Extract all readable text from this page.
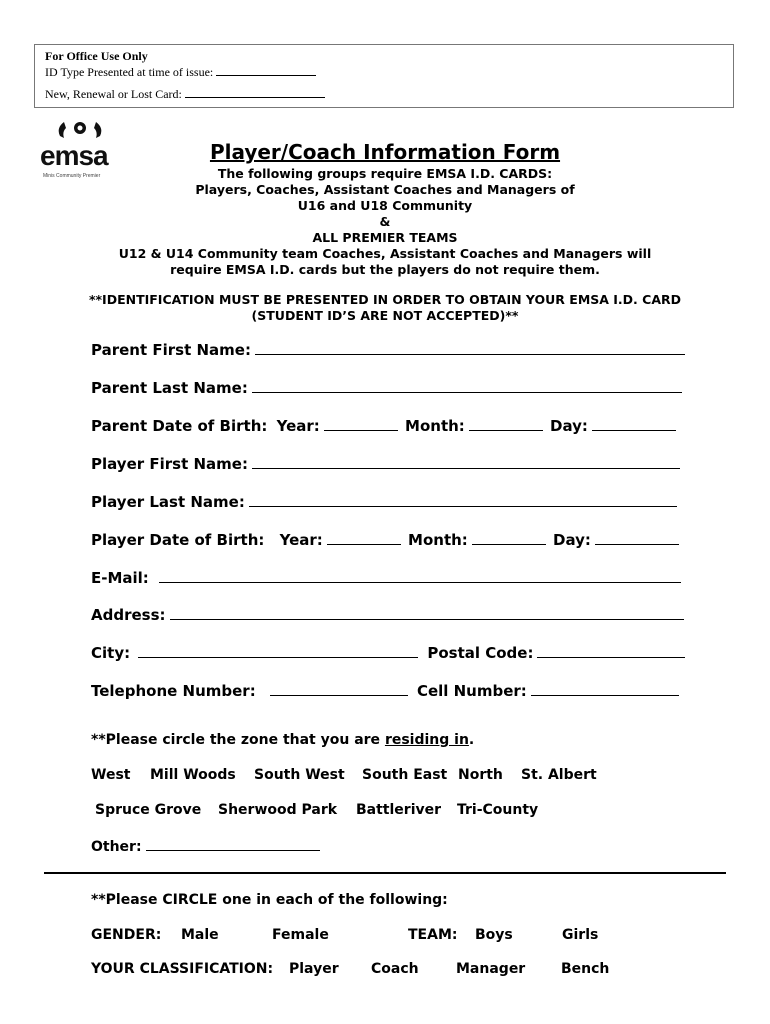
For Office Use Only
ID Type Presented at time of issue:
New, Renewal or Lost Card:
emsa
Minis Community Premier
Player/Coach Information Form
The following groups require EMSA I.D. CARDS:
Players, Coaches, Assistant Coaches and Managers of
U16 and U18 Community
&
ALL PREMIER TEAMS
U12 & U14 Community team Coaches, Assistant Coaches and Managers will
require EMSA I.D. cards but the players do not require them.
**IDENTIFICATION MUST BE PRESENTED IN ORDER TO OBTAIN YOUR EMSA I.D. CARD
(STUDENT ID’S ARE NOT ACCEPTED)**
Parent First Name:
Parent Last Name:
Parent Date of Birth: Year:	Month:	Day:
Player First Name:
Player Last Name:
Player Date of Birth: Year:	Month:	Day:
E-Mail:
Address:
City:	Postal Code:
Telephone Number:	Cell Number:
**Please circle the zone that you are residing in.
West Mill Woods South West South East North St. Albert
Spruce Grove Sherwood Park Battleriver Tri-County
Other:
**Please CIRCLE one in each of the following:
GENDER: Male	Female	TEAM: Boys	Girls
YOUR CLASSIFICATION: Player Coach	Manager	Bench
